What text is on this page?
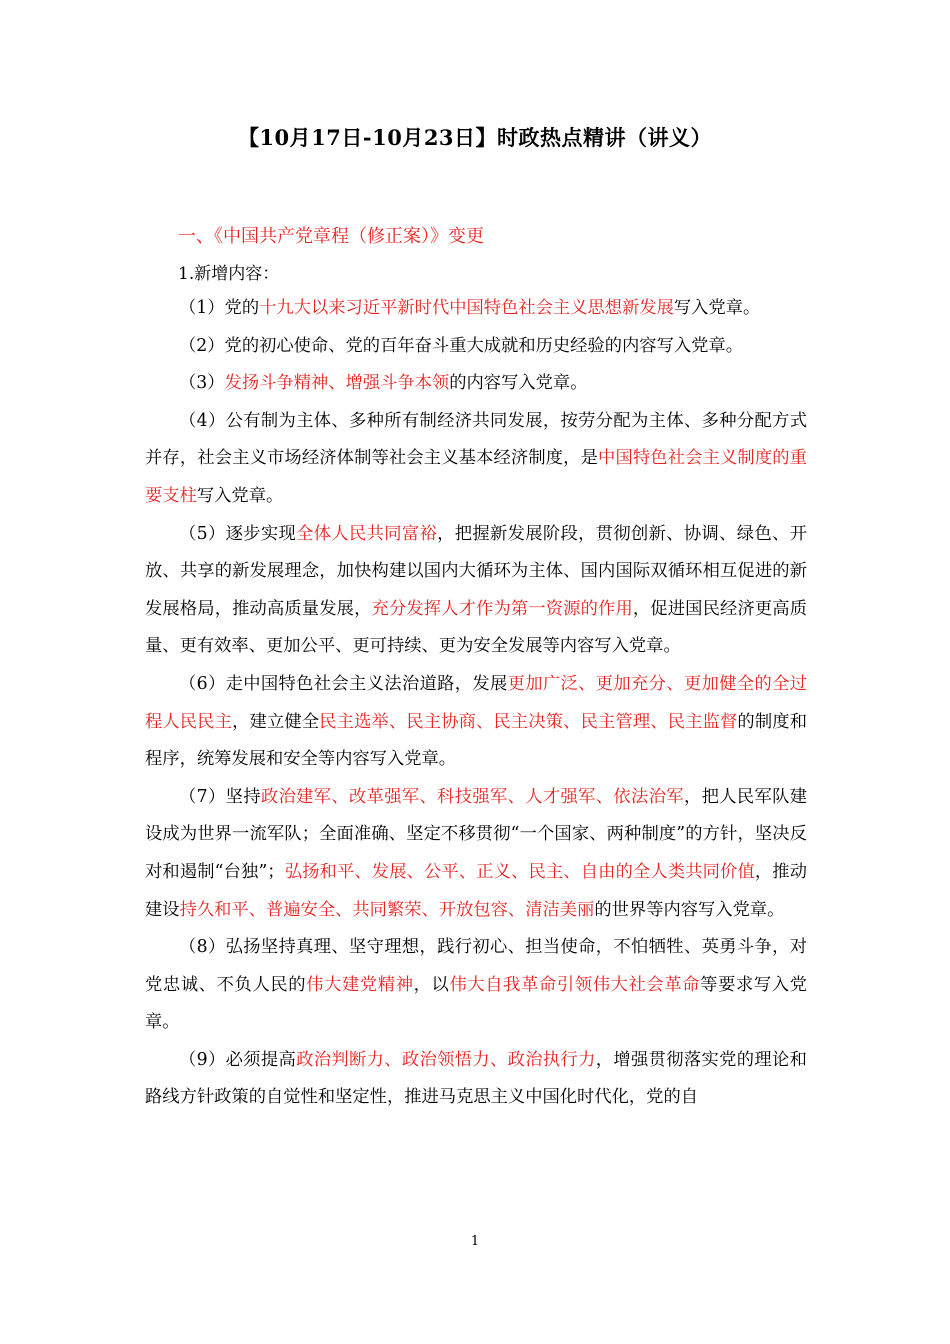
【10月17日-10月23日】时政热点精讲（讲义）
一、《中国共产党章程（修正案）》变更
1.新增内容：

（1）党的十九大以来习近平新时代中国特色社会主义思想新发展写入党章。

（2）党的初心使命、党的百年奋斗重大成就和历史经验的内容写入党章。

（3）发扬斗争精神、增强斗争本领的内容写入党章。

（4）公有制为主体、多种所有制经济共同发展，按劳分配为主体、多种分配方式并存，社会主义市场经济体制等社会主义基本经济制度，是中国特色社会主义制度的重要支柱写入党章。

（5）逐步实现全体人民共同富裕，把握新发展阶段，贯彻创新、协调、绿色、开放、共享的新发展理念，加快构建以国内大循环为主体、国内国际双循环相互促进的新发展格局，推动高质量发展，充分发挥人才作为第一资源的作用，促进国民经济更高质量、更有效率、更加公平、更可持续、更为安全发展等内容写入党章。

（6）走中国特色社会主义法治道路，发展更加广泛、更加充分、更加健全的全过程人民民主，建立健全民主选举、民主协商、民主决策、民主管理、民主监督的制度和程序，统筹发展和安全等内容写入党章。

（7）坚持政治建军、改革强军、科技强军、人才强军、依法治军，把人民军队建设成为世界一流军队；全面准确、坚定不移贯彻“一个国家、两种制度”的方针，坚决反对和遏制“台独”；弘扬和平、发展、公平、正义、民主、自由的全人类共同价值，推动建设持久和平、普遍安全、共同繁荣、开放包容、清洁美丽的世界等内容写入党章。

（8）弘扬坚持真理、坚守理想，践行初心、担当使命，不怕牺牲、英勇斗争，对党忠诚、不负人民的伟大建党精神，以伟大自我革命引领伟大社会革命等要求写入党章。

（9）必须提高政治判断力、政治领悟力、政治执行力，增强贯彻落实党的理论和路线方针政策的自觉性和坚定性，推进马克思主义中国化时代化，党的自

1
